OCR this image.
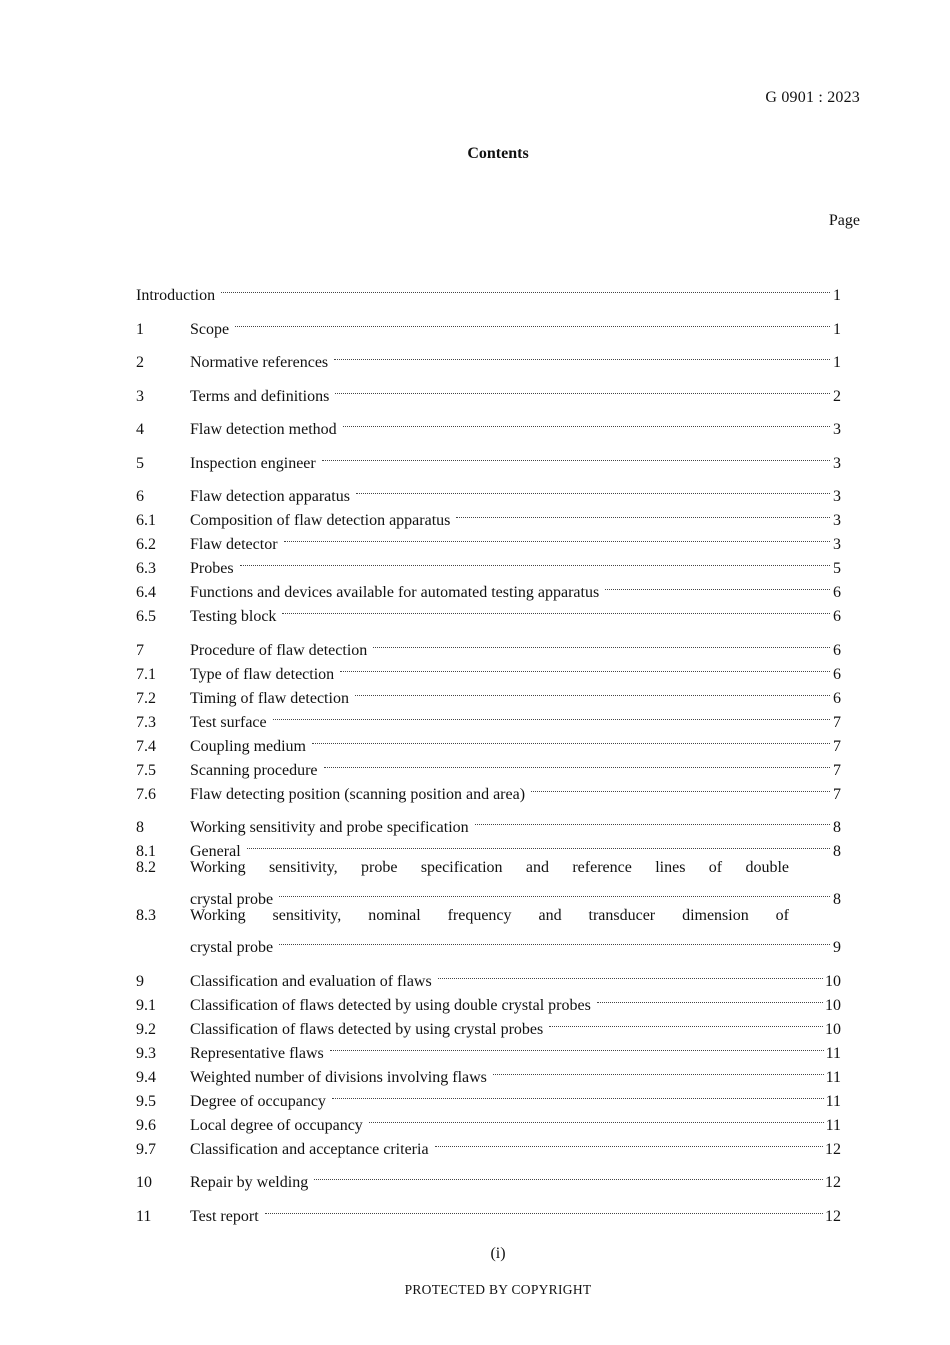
G 0901 : 2023
Contents
Page
Introduction	1
1	Scope	1
2	Normative references	1
3	Terms and definitions	2
4	Flaw detection method	3
5	Inspection engineer	3
6	Flaw detection apparatus	3
6.1	Composition of flaw detection apparatus	3
6.2	Flaw detector	3
6.3	Probes	5
6.4	Functions and devices available for automated testing apparatus	6
6.5	Testing block	6
7	Procedure of flaw detection	6
7.1	Type of flaw detection	6
7.2	Timing of flaw detection	6
7.3	Test surface	7
7.4	Coupling medium	7
7.5	Scanning procedure	7
7.6	Flaw detecting position (scanning position and area)	7
8	Working sensitivity and probe specification	8
8.1	General	8
8.2	Working sensitivity, probe specification and reference lines of double
crystal probe	8
8.3	Working sensitivity, nominal frequency and transducer dimension of
crystal probe	9
9	Classification and evaluation of flaws	10
9.1	Classification of flaws detected by using double crystal probes	10
9.2	Classification of flaws detected by using crystal probes	10
9.3	Representative flaws	11
9.4	Weighted number of divisions involving flaws	11
9.5	Degree of occupancy	11
9.6	Local degree of occupancy	11
9.7	Classification and acceptance criteria	12
10	Repair by welding	12
11	Test report	12
(i)
PROTECTED BY COPYRIGHT
